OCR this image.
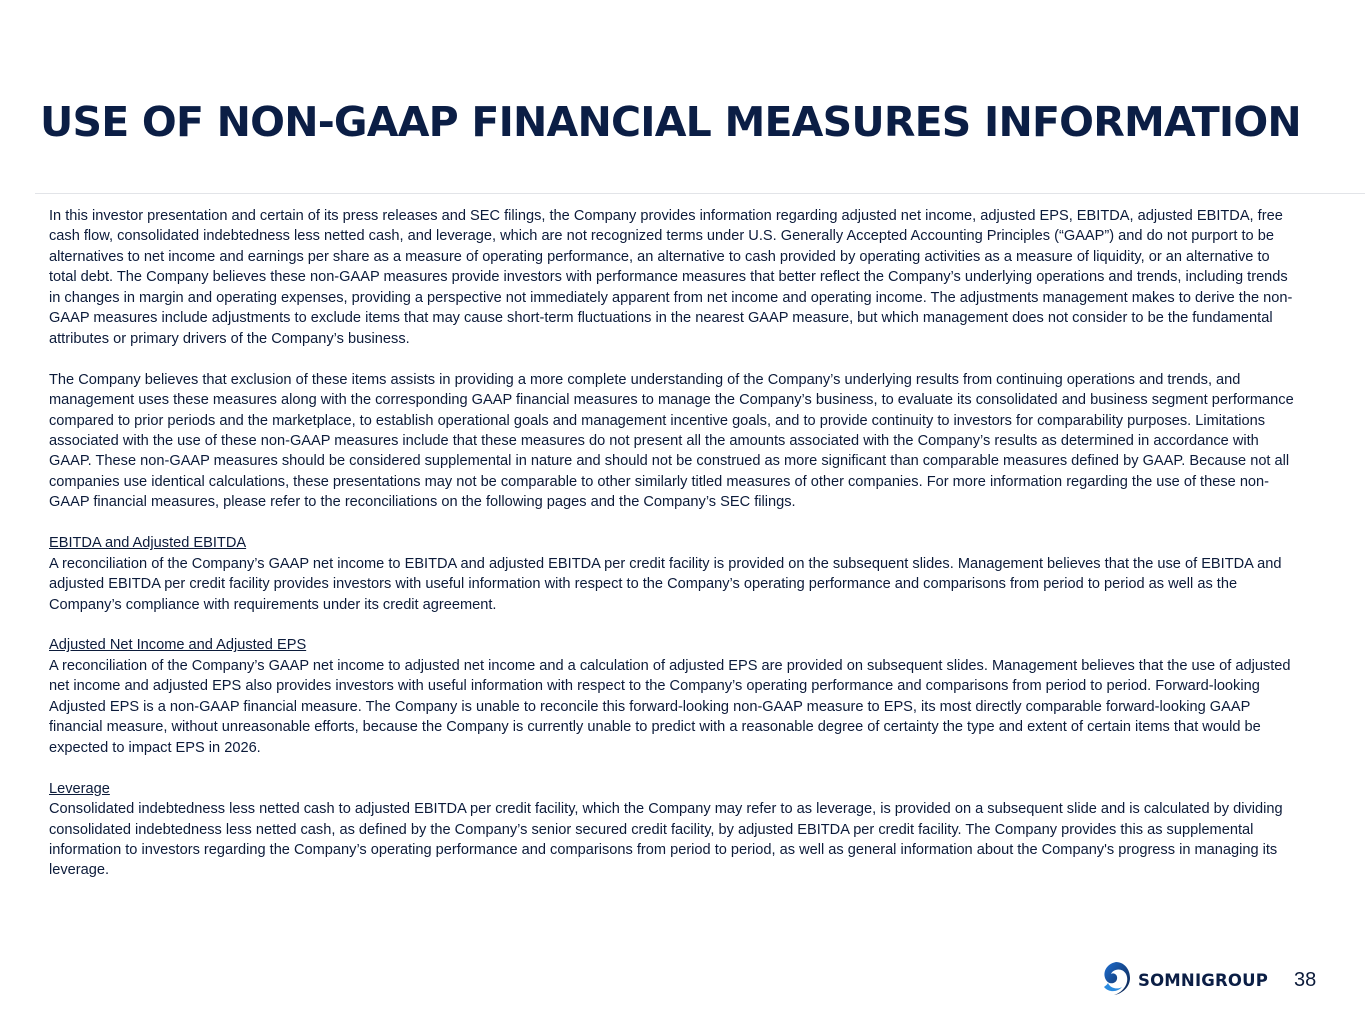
USE OF NON-GAAP FINANCIAL MEASURES INFORMATION

In this investor presentation and certain of its press releases and SEC filings, the Company provides information regarding adjusted net income, adjusted EPS, EBITDA, adjusted EBITDA, free cash flow, consolidated indebtedness less netted cash, and leverage, which are not recognized terms under U.S. Generally Accepted Accounting Principles (“GAAP”) and do not purport to be alternatives to net income and earnings per share as a measure of operating performance, an alternative to cash provided by operating activities as a measure of liquidity, or an alternative to total debt. The Company believes these non-GAAP measures provide investors with performance measures that better reflect the Company’s underlying operations and trends, including trends in changes in margin and operating expenses, providing a perspective not immediately apparent from net income and operating income. The adjustments management makes to derive the non-GAAP measures include adjustments to exclude items that may cause short-term fluctuations in the nearest GAAP measure, but which management does not consider to be the fundamental attributes or primary drivers of the Company’s business.

The Company believes that exclusion of these items assists in providing a more complete understanding of the Company’s underlying results from continuing operations and trends, and management uses these measures along with the corresponding GAAP financial measures to manage the Company’s business, to evaluate its consolidated and business segment performance compared to prior periods and the marketplace, to establish operational goals and management incentive goals, and to provide continuity to investors for comparability purposes. Limitations associated with the use of these non-GAAP measures include that these measures do not present all the amounts associated with the Company’s results as determined in accordance with GAAP. These non-GAAP measures should be considered supplemental in nature and should not be construed as more significant than comparable measures defined by GAAP. Because not all companies use identical calculations, these presentations may not be comparable to other similarly titled measures of other companies. For more information regarding the use of these non-GAAP financial measures, please refer to the reconciliations on the following pages and the Company’s SEC filings.

EBITDA and Adjusted EBITDA
A reconciliation of the Company’s GAAP net income to EBITDA and adjusted EBITDA per credit facility is provided on the subsequent slides. Management believes that the use of EBITDA and adjusted EBITDA per credit facility provides investors with useful information with respect to the Company’s operating performance and comparisons from period to period as well as the Company’s compliance with requirements under its credit agreement.

Adjusted Net Income and Adjusted EPS
A reconciliation of the Company’s GAAP net income to adjusted net income and a calculation of adjusted EPS are provided on subsequent slides. Management believes that the use of adjusted net income and adjusted EPS also provides investors with useful information with respect to the Company’s operating performance and comparisons from period to period. Forward-looking Adjusted EPS is a non-GAAP financial measure. The Company is unable to reconcile this forward-looking non-GAAP measure to EPS, its most directly comparable forward-looking GAAP financial measure, without unreasonable efforts, because the Company is currently unable to predict with a reasonable degree of certainty the type and extent of certain items that would be expected to impact EPS in 2026.

Leverage
Consolidated indebtedness less netted cash to adjusted EBITDA per credit facility, which the Company may refer to as leverage, is provided on a subsequent slide and is calculated by dividing consolidated indebtedness less netted cash, as defined by the Company’s senior secured credit facility, by adjusted EBITDA per credit facility. The Company provides this as supplemental information to investors regarding the Company’s operating performance and comparisons from period to period, as well as general information about the Company's progress in managing its leverage.

SOMNIGROUP 38
